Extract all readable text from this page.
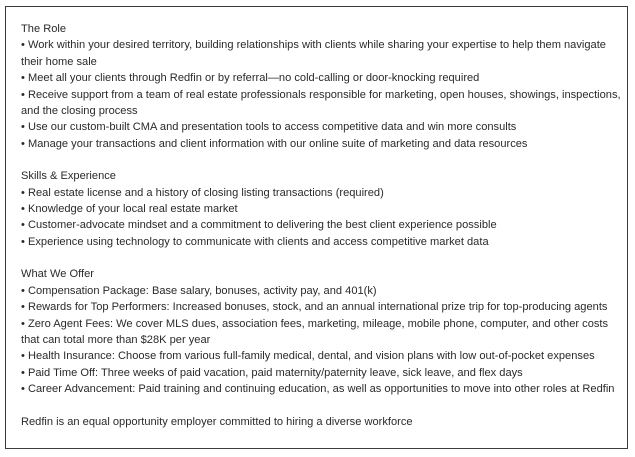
The Role
• Work within your desired territory, building relationships with clients while sharing your expertise to help them navigate their home sale
• Meet all your clients through Redfin or by referral—no cold-calling or door-knocking required
• Receive support from a team of real estate professionals responsible for marketing, open houses, showings, inspections, and the closing process
• Use our custom-built CMA and presentation tools to access competitive data and win more consults
• Manage your transactions and client information with our online suite of marketing and data resources
Skills & Experience
• Real estate license and a history of closing listing transactions (required)
• Knowledge of your local real estate market
• Customer-advocate mindset and a commitment to delivering the best client experience possible
• Experience using technology to communicate with clients and access competitive market data
What We Offer
• Compensation Package: Base salary, bonuses, activity pay, and 401(k)
• Rewards for Top Performers: Increased bonuses, stock, and an annual international prize trip for top-producing agents
• Zero Agent Fees: We cover MLS dues, association fees, marketing, mileage, mobile phone, computer, and other costs that can total more than $28K per year
• Health Insurance: Choose from various full-family medical, dental, and vision plans with low out-of-pocket expenses
• Paid Time Off: Three weeks of paid vacation, paid maternity/paternity leave, sick leave, and flex days
• Career Advancement: Paid training and continuing education, as well as opportunities to move into other roles at Redfin
Redfin is an equal opportunity employer committed to hiring a diverse workforce
